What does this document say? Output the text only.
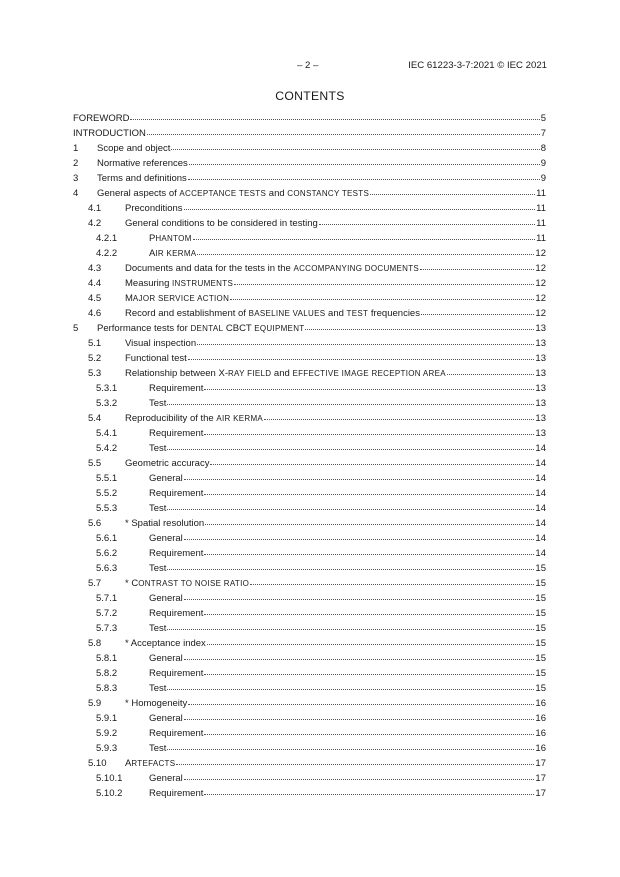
– 2 –	IEC 61223-3-7:2021 © IEC 2021
CONTENTS
FOREWORD	5
INTRODUCTION	7
1	Scope and object	8
2	Normative references	9
3	Terms and definitions	9
4	General aspects of ACCEPTANCE TESTS and CONSTANCY TESTS	11
4.1	Preconditions	11
4.2	General conditions to be considered in testing	11
4.2.1	PHANTOM	11
4.2.2	AIR KERMA	12
4.3	Documents and data for the tests in the ACCOMPANYING DOCUMENTS	12
4.4	Measuring INSTRUMENTS	12
4.5	MAJOR SERVICE ACTION	12
4.6	Record and establishment of BASELINE VALUES and TEST frequencies	12
5	Performance tests for DENTAL CBCT EQUIPMENT	13
5.1	Visual inspection	13
5.2	Functional test	13
5.3	Relationship between X-RAY FIELD and EFFECTIVE IMAGE RECEPTION AREA	13
5.3.1	Requirement	13
5.3.2	Test	13
5.4	Reproducibility of the AIR KERMA	13
5.4.1	Requirement	13
5.4.2	Test	14
5.5	Geometric accuracy	14
5.5.1	General	14
5.5.2	Requirement	14
5.5.3	Test	14
5.6	* Spatial resolution	14
5.6.1	General	14
5.6.2	Requirement	14
5.6.3	Test	15
5.7	* CONTRAST TO NOISE RATIO	15
5.7.1	General	15
5.7.2	Requirement	15
5.7.3	Test	15
5.8	* Acceptance index	15
5.8.1	General	15
5.8.2	Requirement	15
5.8.3	Test	15
5.9	* Homogeneity	16
5.9.1	General	16
5.9.2	Requirement	16
5.9.3	Test	16
5.10	ARTEFACTS	17
5.10.1	General	17
5.10.2	Requirement	17
